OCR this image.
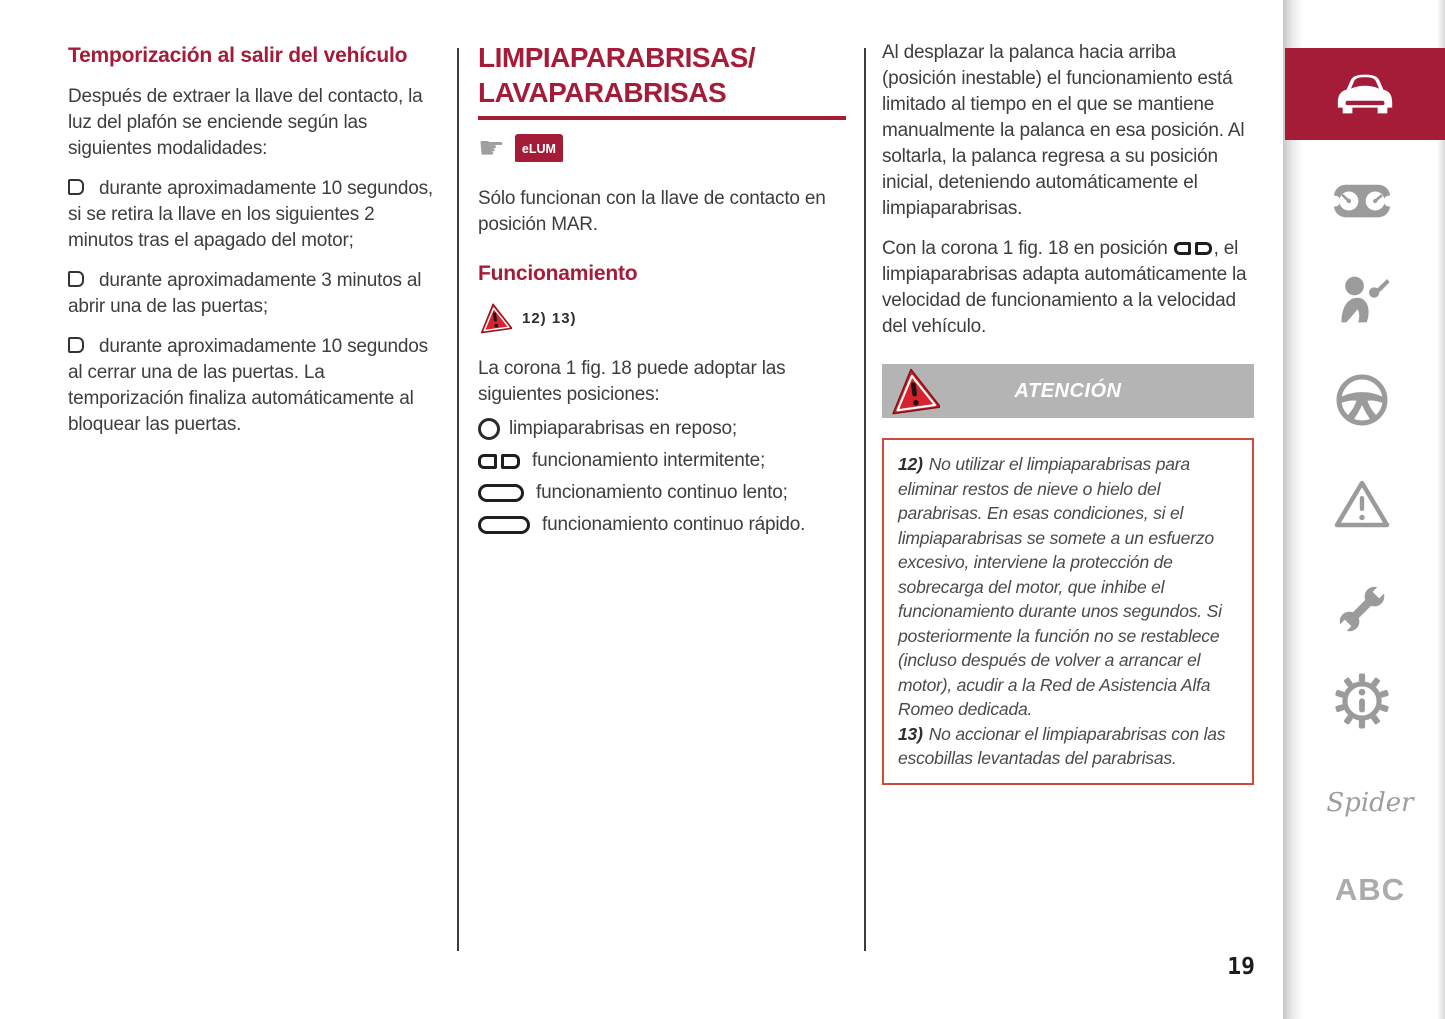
Temporización al salir del vehículo

Después de extraer la llave del contacto, la luz del plafón se enciende según las siguientes modalidades:

durante aproximadamente 10 segundos, si se retira la llave en los siguientes 2 minutos tras el apagado del motor;

durante aproximadamente 3 minutos al abrir una de las puertas;

durante aproximadamente 10 segundos al cerrar una de las puertas. La temporización finaliza automáticamente al bloquear las puertas.

LIMPIAPARABRISAS/
LAVAPARABRISAS
☛	eLUM

Sólo funcionan con la llave de contacto en posición MAR.

Funcionamiento
12) 13)

La corona 1 fig. 18 puede adoptar las siguientes posiciones:

limpiaparabrisas en reposo;
funcionamiento intermitente;
funcionamiento continuo lento;
funcionamiento continuo rápido.

Al desplazar la palanca hacia arriba (posición inestable) el funcionamiento está limitado al tiempo en el que se mantiene manualmente la palanca en esa posición. Al soltarla, la palanca regresa a su posición inicial, deteniendo automáticamente el limpiaparabrisas.

Con la corona 1 fig. 18 en posición , el limpiaparabrisas adapta automáticamente la velocidad de funcionamiento a la velocidad del vehículo.

ATENCIÓN

12) No utilizar el limpiaparabrisas para eliminar restos de nieve o hielo del parabrisas. En esas condiciones, si el limpiaparabrisas se somete a un esfuerzo excesivo, interviene la protección de sobrecarga del motor, que inhibe el funcionamiento durante unos segundos. Si posteriormente la función no se restablece (incluso después de volver a arrancar el motor), acudir a la Red de Asistencia Alfa Romeo dedicada.

13) No accionar el limpiaparabrisas con las escobillas levantadas del parabrisas.

19
Spider
ABC
